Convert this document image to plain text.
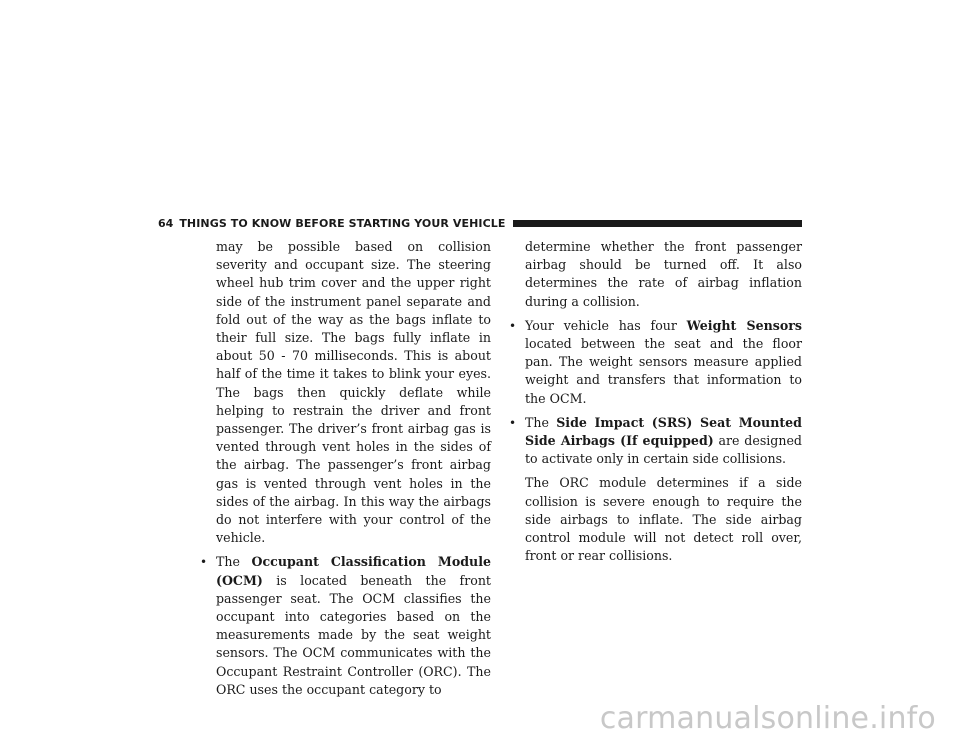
64 THINGS TO KNOW BEFORE STARTING YOUR VEHICLE

may be possible based on collision severity and occupant size. The steering wheel hub trim cover and the upper right side of the instrument panel separate and fold out of the way as the bags inflate to their full size. The bags fully inflate in about 50 - 70 milliseconds. This is about half of the time it takes to blink your eyes. The bags then quickly deflate while helping to restrain the driver and front passenger. The driver’s front airbag gas is vented through vent holes in the sides of the airbag. The passenger’s front airbag gas is vented through vent holes in the sides of the airbag. In this way the airbags do not interfere with your control of the vehicle.

• The Occupant Classification Module (OCM) is located beneath the front passenger seat. The OCM classifies the occupant into categories based on the measurements made by the seat weight sensors. The OCM communicates with the Occupant Restraint Controller (ORC). The ORC uses the occupant category to

determine whether the front passenger airbag should be turned off. It also determines the rate of airbag inflation during a collision.

• Your vehicle has four Weight Sensors located between the seat and the floor pan. The weight sensors measure applied weight and transfers that information to the OCM.
• The Side Impact (SRS) Seat Mounted Side Airbags (If equipped) are designed to activate only in certain side collisions.

The ORC module determines if a side collision is severe enough to require the side airbags to inflate. The side airbag control module will not detect roll over, front or rear collisions.

carmanualsonline.info
